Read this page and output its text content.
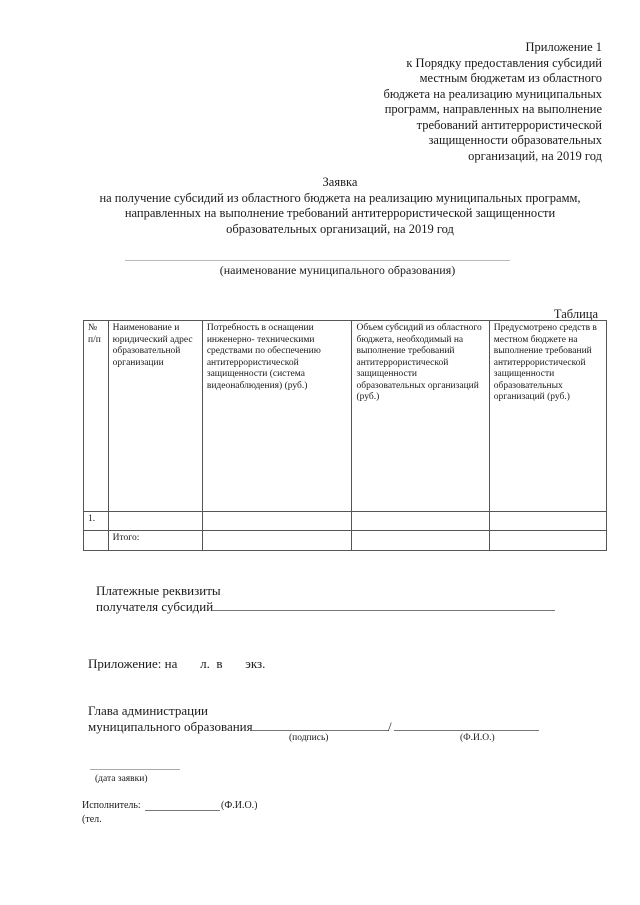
Приложение 1
к Порядку предоставления субсидий
местным бюджетам из областного
бюджета на реализацию муниципальных
программ, направленных на выполнение
требований антитеррористической
защищенности образовательных
организаций, на 2019 год
Заявка
на получение субсидий из областного бюджета на реализацию муниципальных программ,
направленных на выполнение требований антитеррористической защищенности
образовательных организаций, на 2019 год
(наименование муниципального образования)
Таблица
№ п/п	Наименование и юридический адрес образовательной организации	Потребность в оснащении инженерно- техническими средствами по обеспечению антитеррористической защищенности (система видеонаблюдения) (руб.)	Объем субсидий из областного бюджета, необходимый на выполнение требований антитеррористической защищенности образовательных организаций (руб.)	Предусмотрено средств в местном бюджете на выполнение требований антитеррористической защищенности образовательных организаций (руб.)
1.				
	Итого:			
Платежные реквизиты
получателя субсидий
Приложение: на       л.  в       экз.
Глава администрации
муниципального образования	/
(подпись)	(Ф.И.О.)
(дата заявки)
Исполнитель:	(Ф.И.О.)
(тел.
